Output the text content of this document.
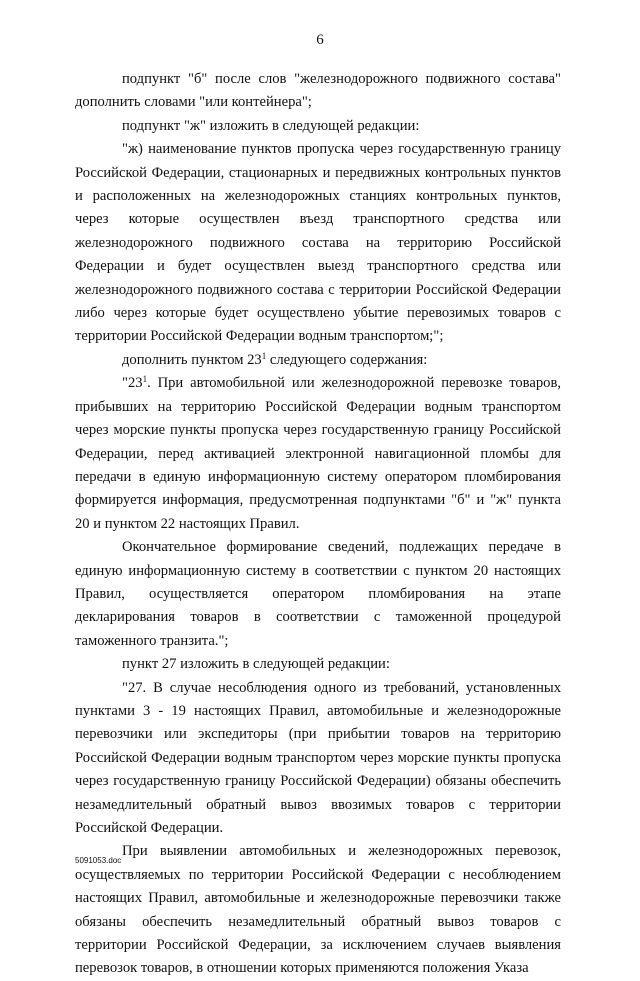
6

подпункт "б" после слов "железнодорожного подвижного состава" дополнить словами "или контейнера";

подпункт "ж" изложить в следующей редакции:

"ж) наименование пунктов пропуска через государственную границу Российской Федерации, стационарных и передвижных контрольных пунктов и расположенных на железнодорожных станциях контрольных пунктов, через которые осуществлен въезд транспортного средства или железнодорожного подвижного состава на территорию Российской Федерации и будет осуществлен выезд транспортного средства или железнодорожного подвижного состава с территории Российской Федерации либо через которые будет осуществлено убытие перевозимых товаров с территории Российской Федерации водным транспортом;";

дополнить пунктом $23^1$ следующего содержания:

"$23^1$. При автомобильной или железнодорожной перевозке товаров, прибывших на территорию Российской Федерации водным транспортом через морские пункты пропуска через государственную границу Российской Федерации, перед активацией электронной навигационной пломбы для передачи в единую информационную систему оператором пломбирования формируется информация, предусмотренная подпунктами "б" и "ж" пункта 20 и пунктом 22 настоящих Правил.

Окончательное формирование сведений, подлежащих передаче в единую информационную систему в соответствии с пунктом 20 настоящих Правил, осуществляется оператором пломбирования на этапе декларирования товаров в соответствии с таможенной процедурой таможенного транзита.";

пункт 27 изложить в следующей редакции:

"27. В случае несоблюдения одного из требований, установленных пунктами 3 - 19 настоящих Правил, автомобильные и железнодорожные перевозчики или экспедиторы (при прибытии товаров на территорию Российской Федерации водным транспортом через морские пункты пропуска через государственную границу Российской Федерации) обязаны обеспечить незамедлительный обратный вывоз ввозимых товаров с территории Российской Федерации.

При выявлении автомобильных и железнодорожных перевозок, осуществляемых по территории Российской Федерации с несоблюдением настоящих Правил, автомобильные и железнодорожные перевозчики также обязаны обеспечить незамедлительный обратный вывоз товаров с территории Российской Федерации, за исключением случаев выявления перевозок товаров, в отношении которых применяются положения Указа

5091053.doc
